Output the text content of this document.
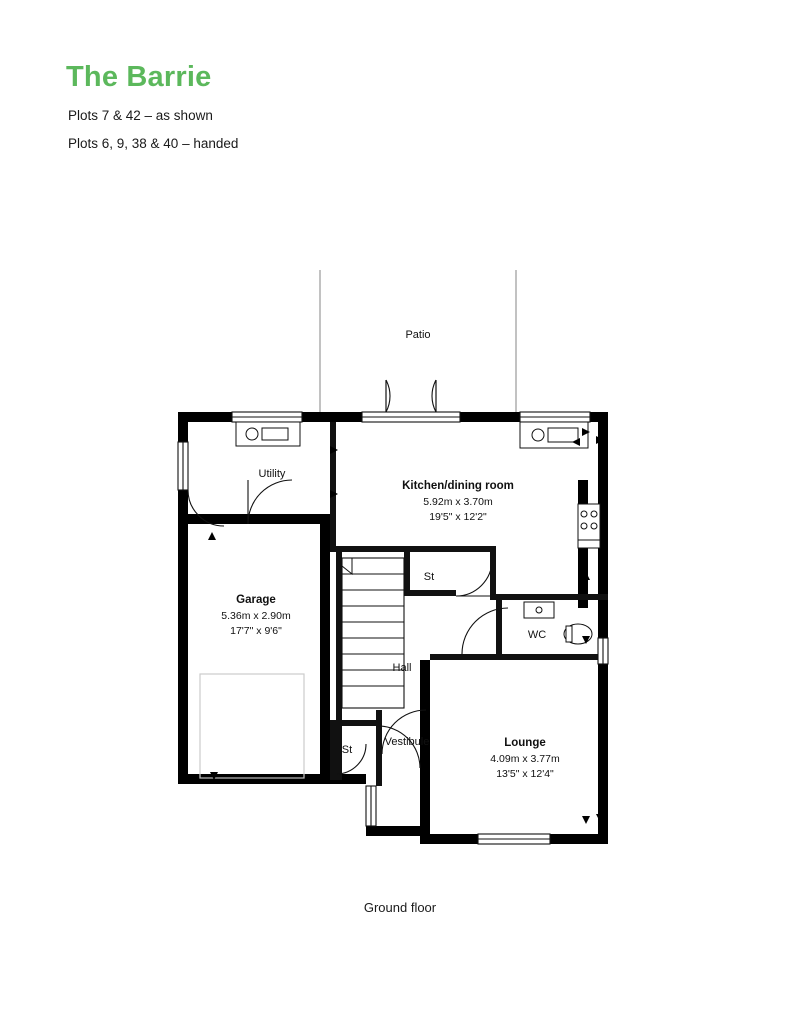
The Barrie

Plots 7 & 42 – as shown

Plots 6, 9, 38 & 40 – handed

Patio
Utility
Kitchen/dining room
5.92m x 3.70m
19'5" x 12'2"
Garage
5.36m x 2.90m
17'7" x 9'6"
Lounge
4.09m x 3.77m
13'5" x 12'4"
Hall
WC
Vestibule
St
St
Ground floor
